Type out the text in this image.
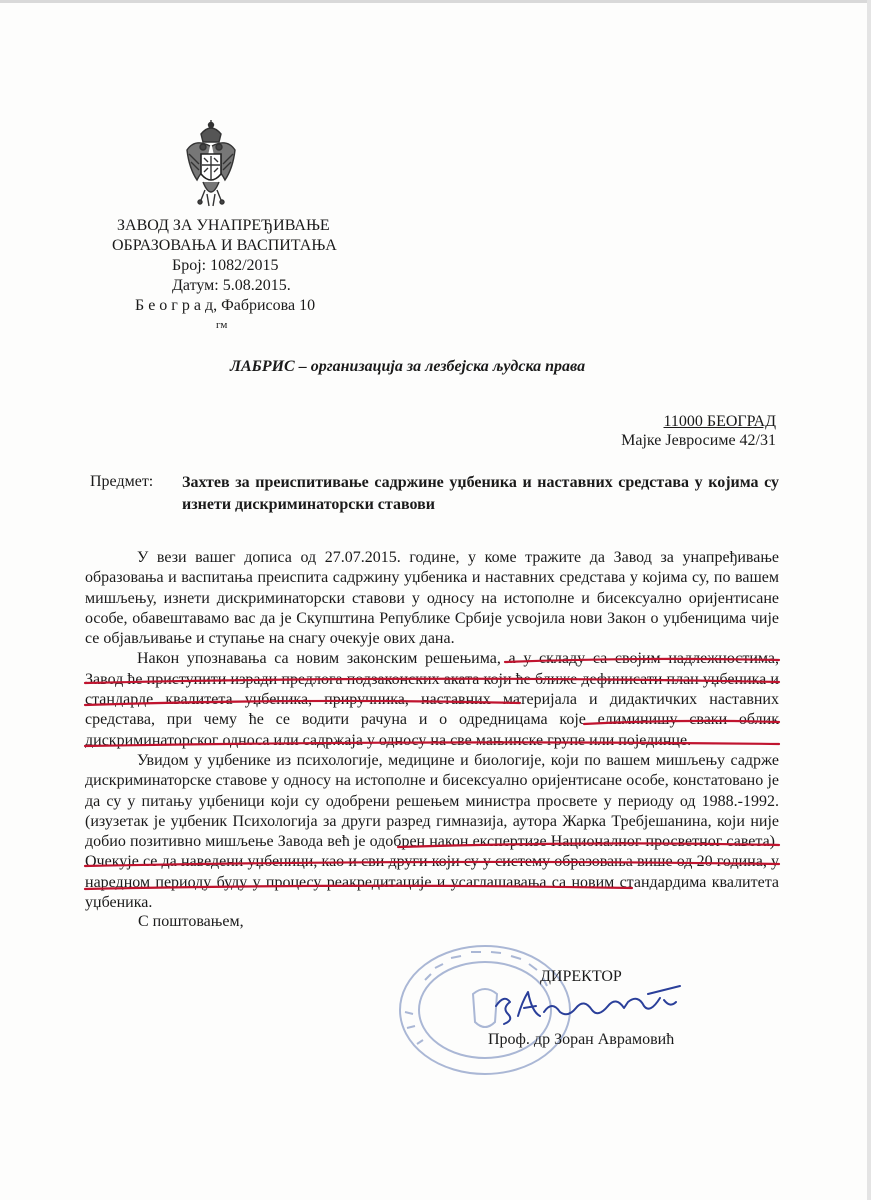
ЗАВОД ЗА УНАПРЕЂИВАЊЕ
ОБРАЗОВАЊА И ВАСПИТАЊА
Број: 1082/2015
Датум: 5.08.2015.
Б е о г р а д, Фабрисова 10
гм
ЛАБРИС – организација за лезбејска људска права
11000 БЕОГРАД
Мајке Јевросиме 42/31
Предмет: Захтев за преиспитивање садржине уџбеника и наставних средстава у којима су изнети дискриминаторски ставови

У вези вашег дописа од 27.07.2015. године, у коме тражите да Завод за унапређивање образовања и васпитања преиспита садржину уџбеника и наставних средстава у којима су, по вашем мишљењу, изнети дискриминаторски ставови у односу на истополне и бисексуално оријентисане особе, обавештавамо вас да је Скупштина Републике Србије усвојила нови Закон о уџбеницима чије се објављивање и ступање на снагу очекује ових дана.

Након упознавања са новим законским решењима, а у складу са својим надлежностима, Завод ће приступити изради предлога подзаконских аката који ће ближе дефинисати план уџбеника и стандарде квалитета уџбеника, приручника, наставних материјала и дидактичких наставних средстава, при чему ће се водити рачуна и о одредницама које елиминишу сваки облик дискриминаторског односа или садржаја у односу на све мањинске групе или појединце.

Увидом у уџбенике из психологије, медицине и биологије, који по вашем мишљењу садрже дискриминаторске ставове у односу на истополне и бисексуално оријентисане особе, констатовано је да су у питању уџбеници који су одобрени решењем министра просвете у периоду од 1988.-1992. (изузетак је уџбеник Психологија за други разред гимназија, аутора Жарка Требјешанина, који није добио позитивно мишљење Завода већ је одобрен након експертизе Националног просветног савета). Очекује се да наведени уџбеници, као и сви други који су у систему образовања више од 20 година, у наредном периоду буду у процесу реакредитације и усаглашавања са новим стандардима квалитета уџбеника.

С поштовањем,
ДИРЕКТОР
Проф. др Зоран Аврамовић
